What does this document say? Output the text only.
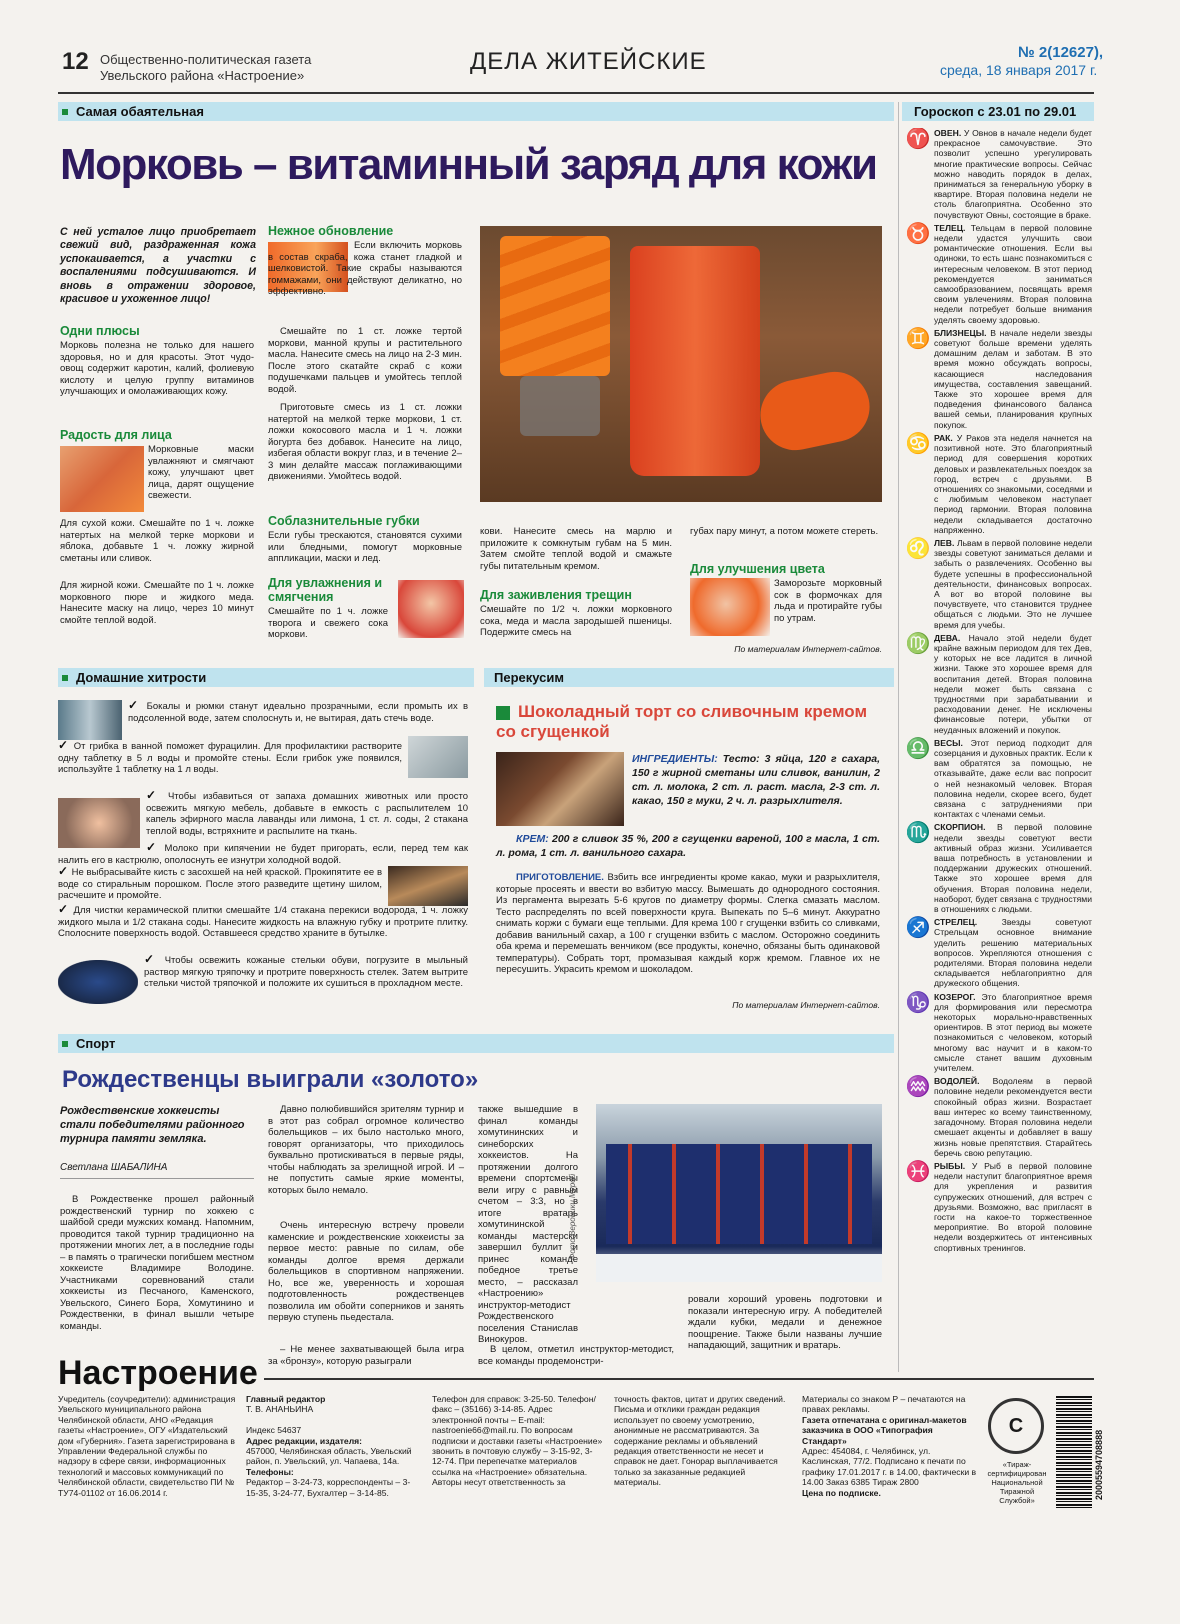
12 Общественно-политическая газета
Увельского района «Настроение»
ДЕЛА ЖИТЕЙСКИЕ	№ 2(12627),
среда, 18 января 2017 г.
Самая обаятельная
Морковь – витаминный заряд для кожи
С ней усталое лицо приобретает свежий вид, раздраженная кожа успокаивается, а участки с воспалениями подсушиваются. И вновь в отражении здоровое, красивое и ухоженное лицо!
Одни плюсы
Морковь полезна не только для нашего здоровья, но и для красоты. Этот чудо-овощ содержит каротин, калий, фолиевую кислоту и целую группу витаминов улучшающих и омолаживающих кожу.
Радость для лица
Морковные маски увлажняют и смягчают кожу, улучшают цвет лица, дарят ощущение свежести.
Для сухой кожи. Смешайте по 1 ч. ложке натертых на мелкой терке моркови и яблока, добавьте 1 ч. ложку жирной сметаны или сливок.
Для жирной кожи. Смешайте по 1 ч. ложке морковного пюре и жидкого меда. Нанесите маску на лицо, через 10 минут смойте теплой водой.
Нежное обновление
Если включить морковь в состав скраба, кожа станет гладкой и шелковистой. Такие скрабы называются гоммажами, они действуют деликатно, но эффективно.
Смешайте по 1 ст. ложке тертой моркови, манной крупы и растительного масла. Нанесите смесь на лицо на 2-3 мин. После этого скатайте скраб с кожи подушечками пальцев и умойтесь теплой водой.
Приготовьте смесь из 1 ст. ложки натертой на мелкой терке моркови, 1 ст. ложки кокосового масла и 1 ч. ложки йогурта без добавок. Нанесите на лицо, избегая области вокруг глаз, и в течение 2–3 мин делайте массаж поглаживающими движениями. Умойтесь водой.
Соблазнительные губки
Если губы трескаются, становятся сухими или бледными, помогут морковные аппликации, маски и лед.
Для увлажнения и смягчения
Смешайте по 1 ч. ложке творога и свежего сока моркови.
кови. Нанесите смесь на марлю и приложите к сомкнутым губам на 5 мин. Затем смойте теплой водой и смажьте губы питательным кремом.
Для заживления трещин
Смешайте по 1/2 ч. ложки морковного сока, меда и масла зародышей пшеницы. Подержите смесь на
губах пару минут, а потом можете стереть.
Для улучшения цвета
Заморозьте морковный сок в формочках для льда и протирайте губы по утрам.
По материалам Интернет-сайтов.
Домашние хитрости
✓ Бокалы и рюмки станут идеально прозрачными, если промыть их в подсоленной воде, затем сполоснуть и, не вытирая, дать стечь воде.
✓ От грибка в ванной поможет фурацилин. Для профилактики растворите одну таблетку в 5 л воды и промойте стены. Если грибок уже появился, используйте 1 таблетку на 1 л воды.
✓ Чтобы избавиться от запаха домашних животных или просто освежить мягкую мебель, добавьте в емкость с распылителем 10 капель эфирного масла лаванды или лимона, 1 ст. л. соды, 2 стакана теплой воды, встряхните и распылите на ткань.
✓ Молоко при кипячении не будет пригорать, если, перед тем как налить его в кастрюлю, ополоснуть ее изнутри холодной водой.
✓ Не выбрасывайте кисть с засохшей на ней краской. Прокипятите ее в воде со стиральным порошком. После этого разведите щетину шилом, расчешите и промойте.
✓ Для чистки керамической плитки смешайте 1/4 стакана перекиси водорода, 1 ч. ложку жидкого мыла и 1/2 стакана соды. Нанесите жидкость на влажную губку и протрите плитку. Сполосните поверхность водой. Оставшееся средство храните в бутылке.
✓ Чтобы освежить кожаные стельки обуви, погрузите в мыльный раствор мягкую тряпочку и протрите поверхность стелек. Затем вытрите стельки чистой тряпочкой и положите их сушиться в прохладном месте.
Перекусим
Шоколадный торт со сливочным кремом со сгущенкой
ИНГРЕДИЕНТЫ: Тесто: 3 яйца, 120 г сахара, 150 г жирной сметаны или сливок, ванилин, 2 ст. л. молока, 2 ст. л. раст. масла, 2-3 ст. л. какао, 150 г муки, 2 ч. л. разрыхлителя.
КРЕМ: 200 г сливок 35 %, 200 г сгущенки вареной, 100 г масла, 1 ст. л. рома, 1 ст. л. ванильного сахара.
ПРИГОТОВЛЕНИЕ. Взбить все ингредиенты кроме какао, муки и разрыхлителя, которые просеять и ввести во взбитую массу. Вымешать до однородного состояния. Из пергамента вырезать 5-6 кругов по диаметру формы. Слегка смазать маслом. Тесто распределять по всей поверхности круга. Выпекать по 5–6 минут. Аккуратно снимать коржи с бумаги еще теплыми. Для крема 100 г сгущенки взбить со сливками, добавив ванильный сахар, а 100 г сгущенки взбить с маслом. Осторожно соединить оба крема и перемешать венчиком (все продукты, конечно, обязаны быть одинаковой температуры). Собрать торт, промазывая каждый корж кремом. Главное их не пересушить. Украсить кремом и шоколадом.
По материалам Интернет-сайтов.
Спорт
Рождественцы выиграли «золото»
Рождественские хоккеисты стали победителями районного турнира памяти земляка.
Светлана ШАБАЛИНА
В Рождественке прошел районный рождественский турнир по хоккею с шайбой среди мужских команд. Напомним, проводится такой турнир традиционно на протяжении многих лет, а в последние годы – в память о трагически погибшем местном хоккеисте Владимире Володине. Участниками соревнований стали хоккеисты из Песчаного, Каменского, Увельского, Синего Бора, Хомутинино и Рождественки, в финал вышли четыре команды.
Давно полюбившийся зрителям турнир и в этот раз собрал огромное количество болельщиков – их было настолько много, говорят организаторы, что приходилось буквально протискиваться в первые ряды, чтобы наблюдать за зрелищной игрой. И – не попустить самые яркие моменты, которых было немало.
Очень интересную встречу провели каменские и рождественские хоккеисты за первое место: равные по силам, обе команды долгое время держали болельщиков в спортивном напряжении. Но, все же, уверенность и хорошая подготовленность рождественцев позволила им обойти соперников и занять первую ступень пьедестала.
– Не менее захватывающей была игра за «бронзу», которую разыграли
также вышедшие в финал команды хомутининских и синеборских хоккеистов. На протяжении долгого времени спортсмены вели игру с равным счетом – 3:3, но в итоге вратарь хомутининской команды мастерски завершил буллит и принес команде победное третье место, – рассказал «Настроению» инструктор-методист Рождественского поселения Станислав Винокуров.
В целом, отметил инструктор-методист, все команды продемонстри-
Фото Вероники Мурой
ровали хороший уровень подготовки и показали интересную игру. А победителей ждали кубки, медали и денежное поощрение. Также были названы лучшие нападающий, защитник и вратарь.
Гороскоп с 23.01 по 29.01
♈ ОВЕН. У Овнов в начале недели будет прекрасное самочувствие. Это позволит успешно урегулировать многие практические вопросы. Сейчас можно наводить порядок в делах, приниматься за генеральную уборку в квартире. Вторая половина недели не столь благоприятна. Особенно это почувствуют Овны, состоящие в браке.

♉ ТЕЛЕЦ. Тельцам в первой половине недели удастся улучшить свои романтические отношения. Если вы одиноки, то есть шанс познакомиться с интересным человеком. В этот период рекомендуется заниматься самообразованием, посвящать время своим увлечениям. Вторая половина недели потребует больше внимания уделять своему здоровью.

♊ БЛИЗНЕЦЫ. В начале недели звезды советуют больше времени уделять домашним делам и заботам. В это время можно обсуждать вопросы, касающиеся наследования имущества, составления завещаний. Также это хорошее время для подведения финансового баланса вашей семьи, планирования крупных покупок.

♋ РАК. У Раков эта неделя начнется на позитивной ноте. Это благоприятный период для совершения коротких деловых и развлекательных поездок за город, встреч с друзьями. В отношениях со знакомыми, соседями и с любимым человеком наступает период гармонии. Вторая половина недели складывается достаточно напряженно.

♌ ЛЕВ. Львам в первой половине недели звезды советуют заниматься делами и забыть о развлечениях. Особенно вы будете успешны в профессиональной деятельности, финансовых вопросах. А вот во второй половине вы почувствуете, что становится труднее общаться с людьми. Это не лучшее время для учебы.

♍ ДЕВА. Начало этой недели будет крайне важным периодом для тех Дев, у которых не все ладится в личной жизни. Также это хорошее время для воспитания детей. Вторая половина недели может быть связана с трудностями при зарабатывании и расходовании денег. Не исключены финансовые потери, убытки от неудачных вложений и покупок.

♎ ВЕСЫ. Этот период подходит для созерцания и духовных практик. Если к вам обратятся за помощью, не отказывайте, даже если вас попросит о ней незнакомый человек. Вторая половина недели, скорее всего, будет связана с затруднениями при контактах с членами семьи.

♏ СКОРПИОН. В первой половине недели звезды советуют вести активный образ жизни. Усиливается ваша потребность в установлении и поддержании дружеских отношений. Также это хорошее время для обучения. Вторая половина недели, наоборот, будет связана с трудностями в отношениях с людьми.

♐ СТРЕЛЕЦ.	Звезды советуют Стрельцам основное внимание уделить решению материальных вопросов. Укрепляются отношения с родителями. Вторая половина недели складывается неблагоприятно для дружеского общения.

♑ КОЗЕРОГ. Это благоприятное время для формирования или пересмотра некоторых морально-нравственных ориентиров. В этот период вы можете познакомиться с человеком, который многому вас научит и в каком-то смысле станет вашим духовным учителем.

♒ ВОДОЛЕЙ. Водолеям в первой половине недели рекомендуется вести спокойный образ жизни. Возрастает ваш интерес ко всему таинственному, загадочному. Вторая половина недели смешает акценты и добавляет в вашу жизнь новые препятствия. Старайтесь беречь свою репутацию.

♓ РЫБЫ. У Рыб в первой половине недели наступит благоприятное время для укрепления и развития супружеских отношений, для встреч с друзьями. Возможно, вас пригласят в гости на какое-то торжественное мероприятие. Во второй половине недели воздержитесь от интенсивных спортивных тренингов.

Настроение
Учредитель (соучредители): администрация Увельского муниципального района Челябинской области, АНО «Редакция газеты «Настроение», ОГУ «Издательский дом «Губерния». Газета зарегистрирована в Управлении Федеральной службы по надзору в сфере связи, информационных технологий и массовых коммуникаций по Челябинской области, свидетельство ПИ № ТУ74-01102 от 16.06.2014 г.
Главный редактор
Т. В. АНАНЬИНА

Индекс 54637
Адрес редакции, издателя:
457000, Челябинская область, Увельский район, п. Увельский, ул. Чапаева, 14а.
Телефоны:
Редактор – 3-24-73, корреспонденты – 3-15-35, 3-24-77, Бухгалтер – 3-14-85.
Телефон для справок: 3-25-50. Телефон/факс – (35166) 3-14-85. Адрес электронной почты – E-mail: nastroenie66@mail.ru. По вопросам подписки и доставки газеты «Настроение» звонить в почтовую службу – 3-15-92, 3-12-74. При перепечатке материалов ссылка на «Настроение» обязательна. Авторы несут ответственность за
точность фактов, цитат и других сведений. Письма и отклики граждан редакция использует по своему усмотрению, анонимные не рассматриваются. За содержание рекламы и объявлений редакция ответственности не несет и справок не дает. Гонорар выплачивается только за заказанные редакцией материалы.
Материалы со знаком Р – печатаются на правах рекламы.
Газета отпечатана с оригинал-макетов заказчика в ООО «Типография Стандарт»
Адрес: 454084, г. Челябинск, ул. Каслинская, 77/2. Подписано к печати по графику 17.01.2017 г. в 14.00, фактически в 14.00 Заказ 6385 Тираж 2800
Цена по подписке.
С
«Тираж-сертифицирован Национальной Тиражной Службой»
20005594708888
